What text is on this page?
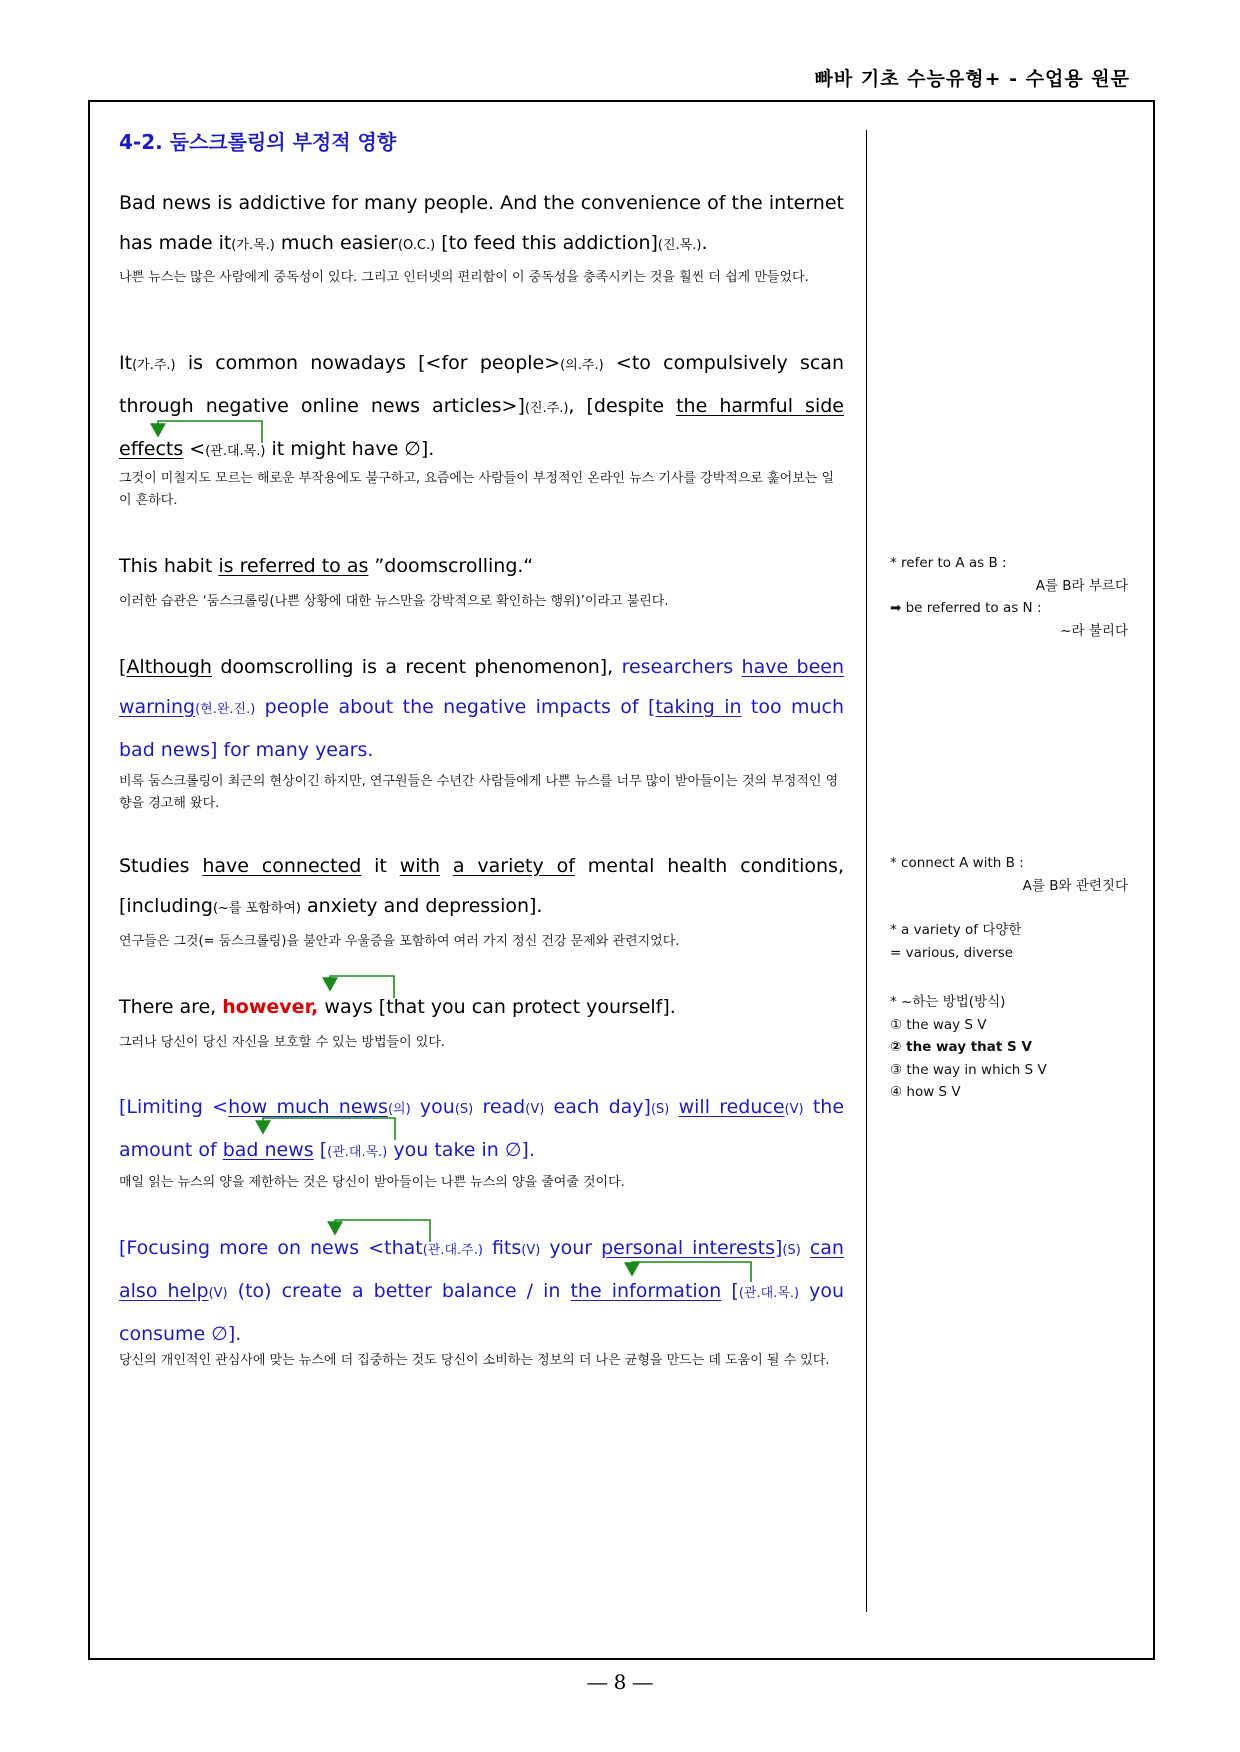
빠바 기초 수능유형+ - 수업용 원문
4-2. 둠스크롤링의 부정적 영향
Bad news is addictive for many people. And the convenience of the internet has made it(가.목.) much easier(O.C.) [to feed this addiction](진.목.).
나쁜 뉴스는 많은 사람에게 중독성이 있다. 그리고 인터넷의 편리함이 이 중독성을 충족시키는 것을 훨씬 더 쉽게 만들었다.
It(가.주.) is common nowadays [<for people>(의.주.) <to compulsively scan through negative online news articles>](진.주.), [despite the harmful side effects <(관.대.목.) it might have ∅].
그것이 미칠지도 모르는 해로운 부작용에도 불구하고, 요즘에는 사람들이 부정적인 온라인 뉴스 기사를 강박적으로 훑어보는 일이 흔하다.
This habit is referred to as ”doomscrolling.“
이러한 습관은 ‘둠스크롤링(나쁜 상황에 대한 뉴스만을 강박적으로 확인하는 행위)’이라고 불린다.
[Although doomscrolling is a recent phenomenon], researchers have been warning(현.완.진.) people about the negative impacts of [taking in too much bad news] for many years.
비록 둠스크롤링이 최근의 현상이긴 하지만, 연구원들은 수년간 사람들에게 나쁜 뉴스를 너무 많이 받아들이는 것의 부정적인 영향을 경고해 왔다.
Studies have connected it with a variety of mental health conditions, [including(~를 포함하여) anxiety and depression].
연구들은 그것(= 둠스크롤링)을 불안과 우울증을 포함하여 여러 가지 정신 건강 문제와 관련지었다.
There are, however, ways [that you can protect yourself].
그러나 당신이 당신 자신을 보호할 수 있는 방법들이 있다.
[Limiting <how much news(의) you(S) read(V) each day](S) will reduce(V) the amount of bad news [(관.대.목.) you take in ∅].
매일 읽는 뉴스의 양을 제한하는 것은 당신이 받아들이는 나쁜 뉴스의 양을 줄여줄 것이다.
[Focusing more on news <that(관.대.주.) fits(V) your personal interests](S) can also help(V) (to) create a better balance / in the information [(관.대.목.) you consume ∅].
당신의 개인적인 관심사에 맞는 뉴스에 더 집중하는 것도 당신이 소비하는 정보의 더 나은 균형을 만드는 데 도움이 될 수 있다.
* refer to A as B :
A를 B라 부르다
➡ be referred to as N :
~라 불리다
* connect A with B :
A를 B와 관련짓다
* a variety of 다양한
= various, diverse
* ~하는 방법(방식)
① the way S V
② the way that S V
③ the way in which S V
④ how S V
― 8 ―
